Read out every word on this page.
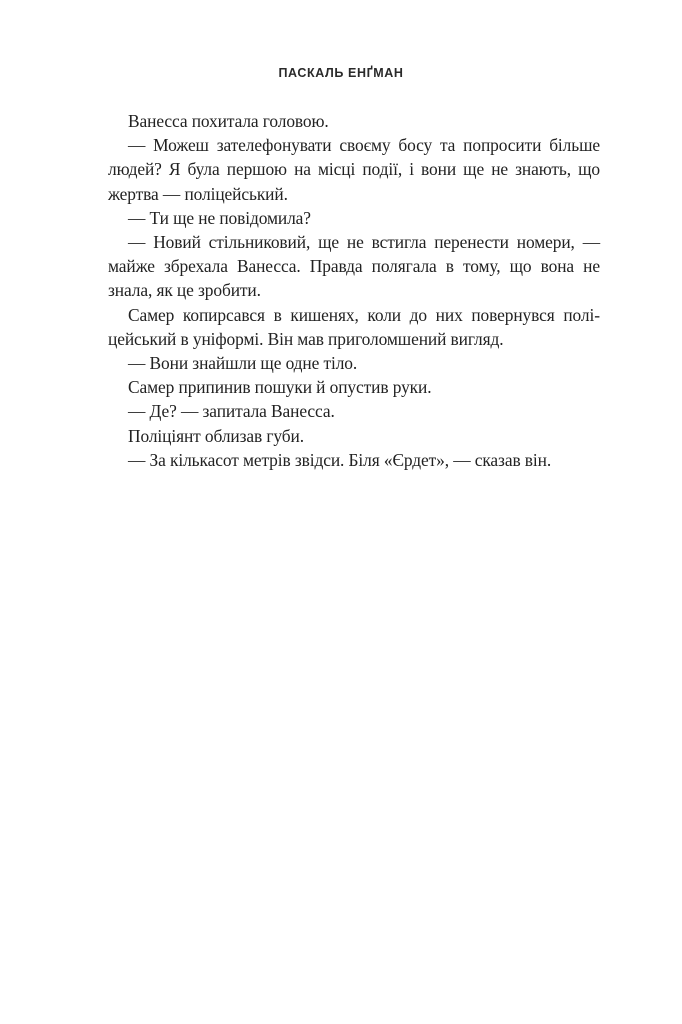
ПАСКАЛЬ ЕНҐМАН

Ванесса похитала головою.

— Можеш зателефонувати своєму босу та попросити більше людей? Я була першою на місці події, і вони ще не знають, що жертва — поліцейський.

— Ти ще не повідомила?

— Новий стільниковий, ще не встигла перенести номери, — майже збрехала Ванесса. Правда полягала в тому, що вона не знала, як це зробити.

Самер копирсався в кишенях, коли до них повернувся поліцейський в уніформі. Він мав приголомшений вигляд.

— Вони знайшли ще одне тіло.

Самер припинив пошуки й опустив руки.

— Де? — запитала Ванесса.

Поліціянт облизав губи.

— За кількасот метрів звідси. Біля «Єрдет», — сказав він.
